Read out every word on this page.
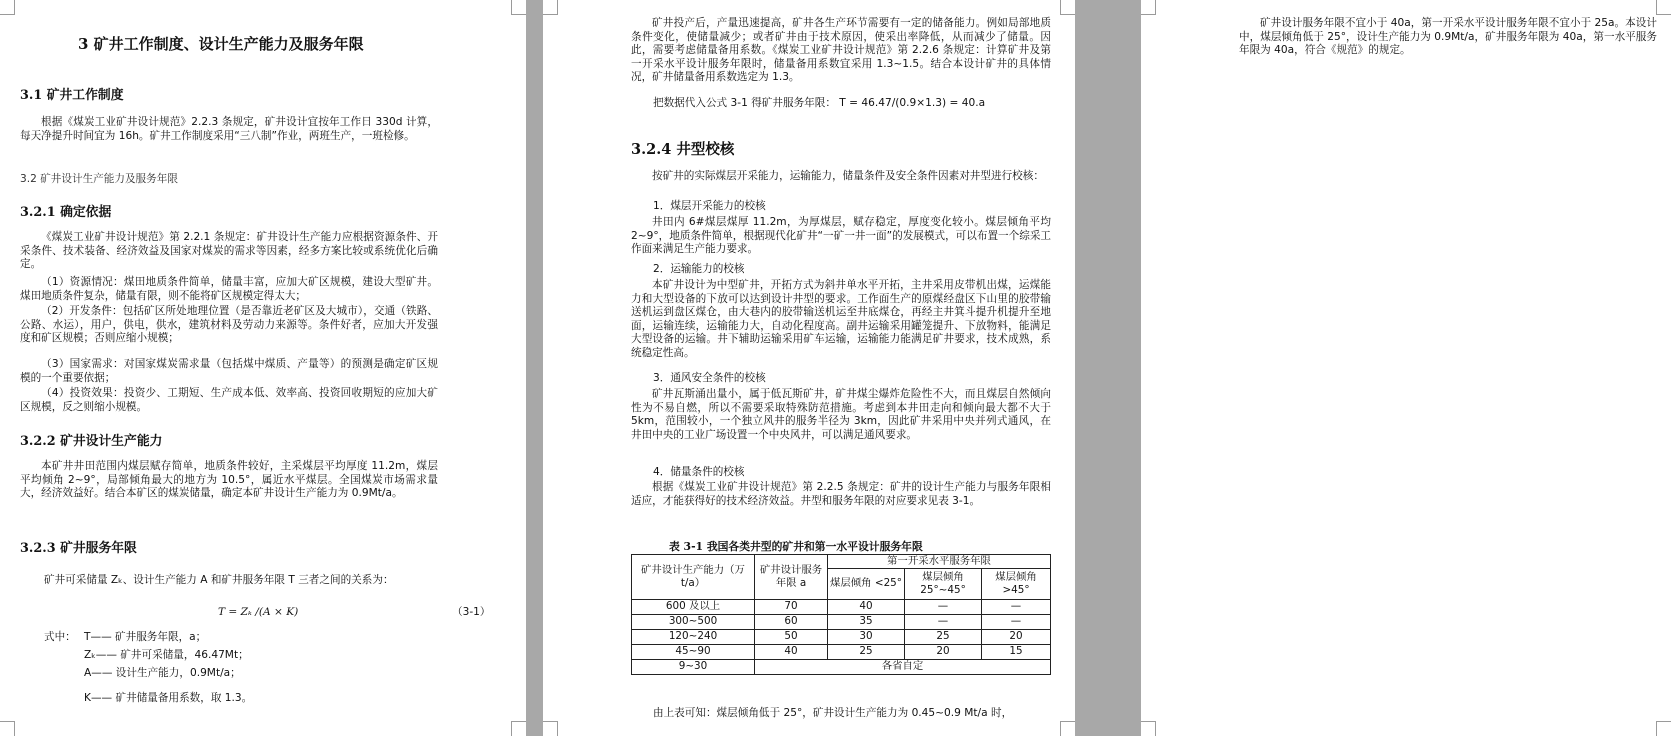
3 矿井工作制度、设计生产能力及服务年限
3.1 矿井工作制度
根据《煤炭工业矿井设计规范》2.2.3 条规定，矿井设计宜按年工作日 330d 计算，每天净提升时间宜为 16h。矿井工作制度采用“三八制”作业，两班生产，一班检修。
3.2 矿井设计生产能力及服务年限
3.2.1 确定依据
《煤炭工业矿井设计规范》第 2.2.1 条规定：矿井设计生产能力应根据资源条件、开采条件、技术装备、经济效益及国家对煤炭的需求等因素，经多方案比较或系统优化后确定。
（1）资源情况：煤田地质条件简单，储量丰富，应加大矿区规模，建设大型矿井。煤田地质条件复杂，储量有限，则不能将矿区规模定得太大；
（2）开发条件：包括矿区所处地理位置（是否靠近老矿区及大城市），交通（铁路、公路、水运），用户，供电，供水，建筑材料及劳动力来源等。条件好者，应加大开发强度和矿区规模；否则应缩小规模；
（3）国家需求：对国家煤炭需求量（包括煤中煤质、产量等）的预测是确定矿区规模的一个重要依据；
（4）投资效果：投资少、工期短、生产成本低、效率高、投资回收期短的应加大矿区规模，反之则缩小规模。
3.2.2 矿井设计生产能力
本矿井井田范围内煤层赋存简单，地质条件较好，主采煤层平均厚度 11.2m，煤层平均倾角 2~9°，局部倾角最大的地方为 10.5°，属近水平煤层。全国煤炭市场需求量大，经济效益好。结合本矿区的煤炭储量，确定本矿井设计生产能力为 0.9Mt/a。
3.2.3 矿井服务年限
矿井可采储量 Zₖ、设计生产能力 A 和矿井服务年限 T 三者之间的关系为：
T = Zₖ /(A × K)	（3-1）
式中： T—— 矿井服务年限，a；
Zₖ—— 矿井可采储量，46.47Mt；
A—— 设计生产能力，0.9Mt/a；
K—— 矿井储量备用系数，取 1.3。
矿井投产后，产量迅速提高，矿井各生产环节需要有一定的储备能力。例如局部地质条件变化，使储量减少；或者矿井由于技术原因，使采出率降低，从而减少了储量。因此，需要考虑储量备用系数。《煤炭工业矿井设计规范》第 2.2.6 条规定：计算矿井及第一开采水平设计服务年限时，储量备用系数宜采用 1.3~1.5。结合本设计矿井的具体情况，矿井储量备用系数选定为 1.3。
把数据代入公式 3-1 得矿井服务年限： T = 46.47/(0.9×1.3) = 40.a
3.2.4 井型校核
按矿井的实际煤层开采能力，运输能力，储量条件及安全条件因素对井型进行校核：
1．煤层开采能力的校核
井田内 6#煤层煤厚 11.2m，为厚煤层，赋存稳定，厚度变化较小。煤层倾角平均 2~9°，地质条件简单，根据现代化矿井“一矿一井一面”的发展模式，可以布置一个综采工作面来满足生产能力要求。
2．运输能力的校核
本矿井设计为中型矿井，开拓方式为斜井单水平开拓，主井采用皮带机出煤，运煤能力和大型设备的下放可以达到设计井型的要求。工作面生产的原煤经盘区下山里的胶带输送机运到盘区煤仓，由大巷内的胶带输送机运至井底煤仓，再经主井箕斗提升机提升至地面，运输连续，运输能力大，自动化程度高。副井运输采用罐笼提升、下放物料，能满足大型设备的运输。井下辅助运输采用矿车运输，运输能力能满足矿井要求，技术成熟，系统稳定性高。
3．通风安全条件的校核
矿井瓦斯涌出量小，属于低瓦斯矿井，矿井煤尘爆炸危险性不大，而且煤层自然倾向性为不易自燃，所以不需要采取特殊防范措施。考虑到本井田走向和倾向最大都不大于 5km，范围较小，一个独立风井的服务半径为 3km，因此矿井采用中央并列式通风，在井田中央的工业广场设置一个中央风井，可以满足通风要求。
4．储量条件的校核
根据《煤炭工业矿井设计规范》第 2.2.5 条规定：矿井的设计生产能力与服务年限相适应，才能获得好的技术经济效益。井型和服务年限的对应要求见表 3-1。
表 3-1 我国各类井型的矿井和第一水平设计服务年限
矿井设计生产能力（万 t/a）	矿井设计服务年限 a	第一开采水平服务年限		
		煤层倾角 <25°	煤层倾角 25°~45°	煤层倾角 >45°
600 及以上	70	40	—	—
300~500	60	35	—	—
120~240	50	30	25	20
45~90	40	25	20	15
9~30	各省自定			
由上表可知：煤层倾角低于 25°，矿井设计生产能力为 0.45~0.9 Mt/a 时，
矿井设计服务年限不宜小于 40a，第一开采水平设计服务年限不宜小于 25a。本设计中，煤层倾角低于 25°，设计生产能力为 0.9Mt/a，矿井服务年限为 40a，第一水平服务年限为 40a，符合《规范》的规定。
